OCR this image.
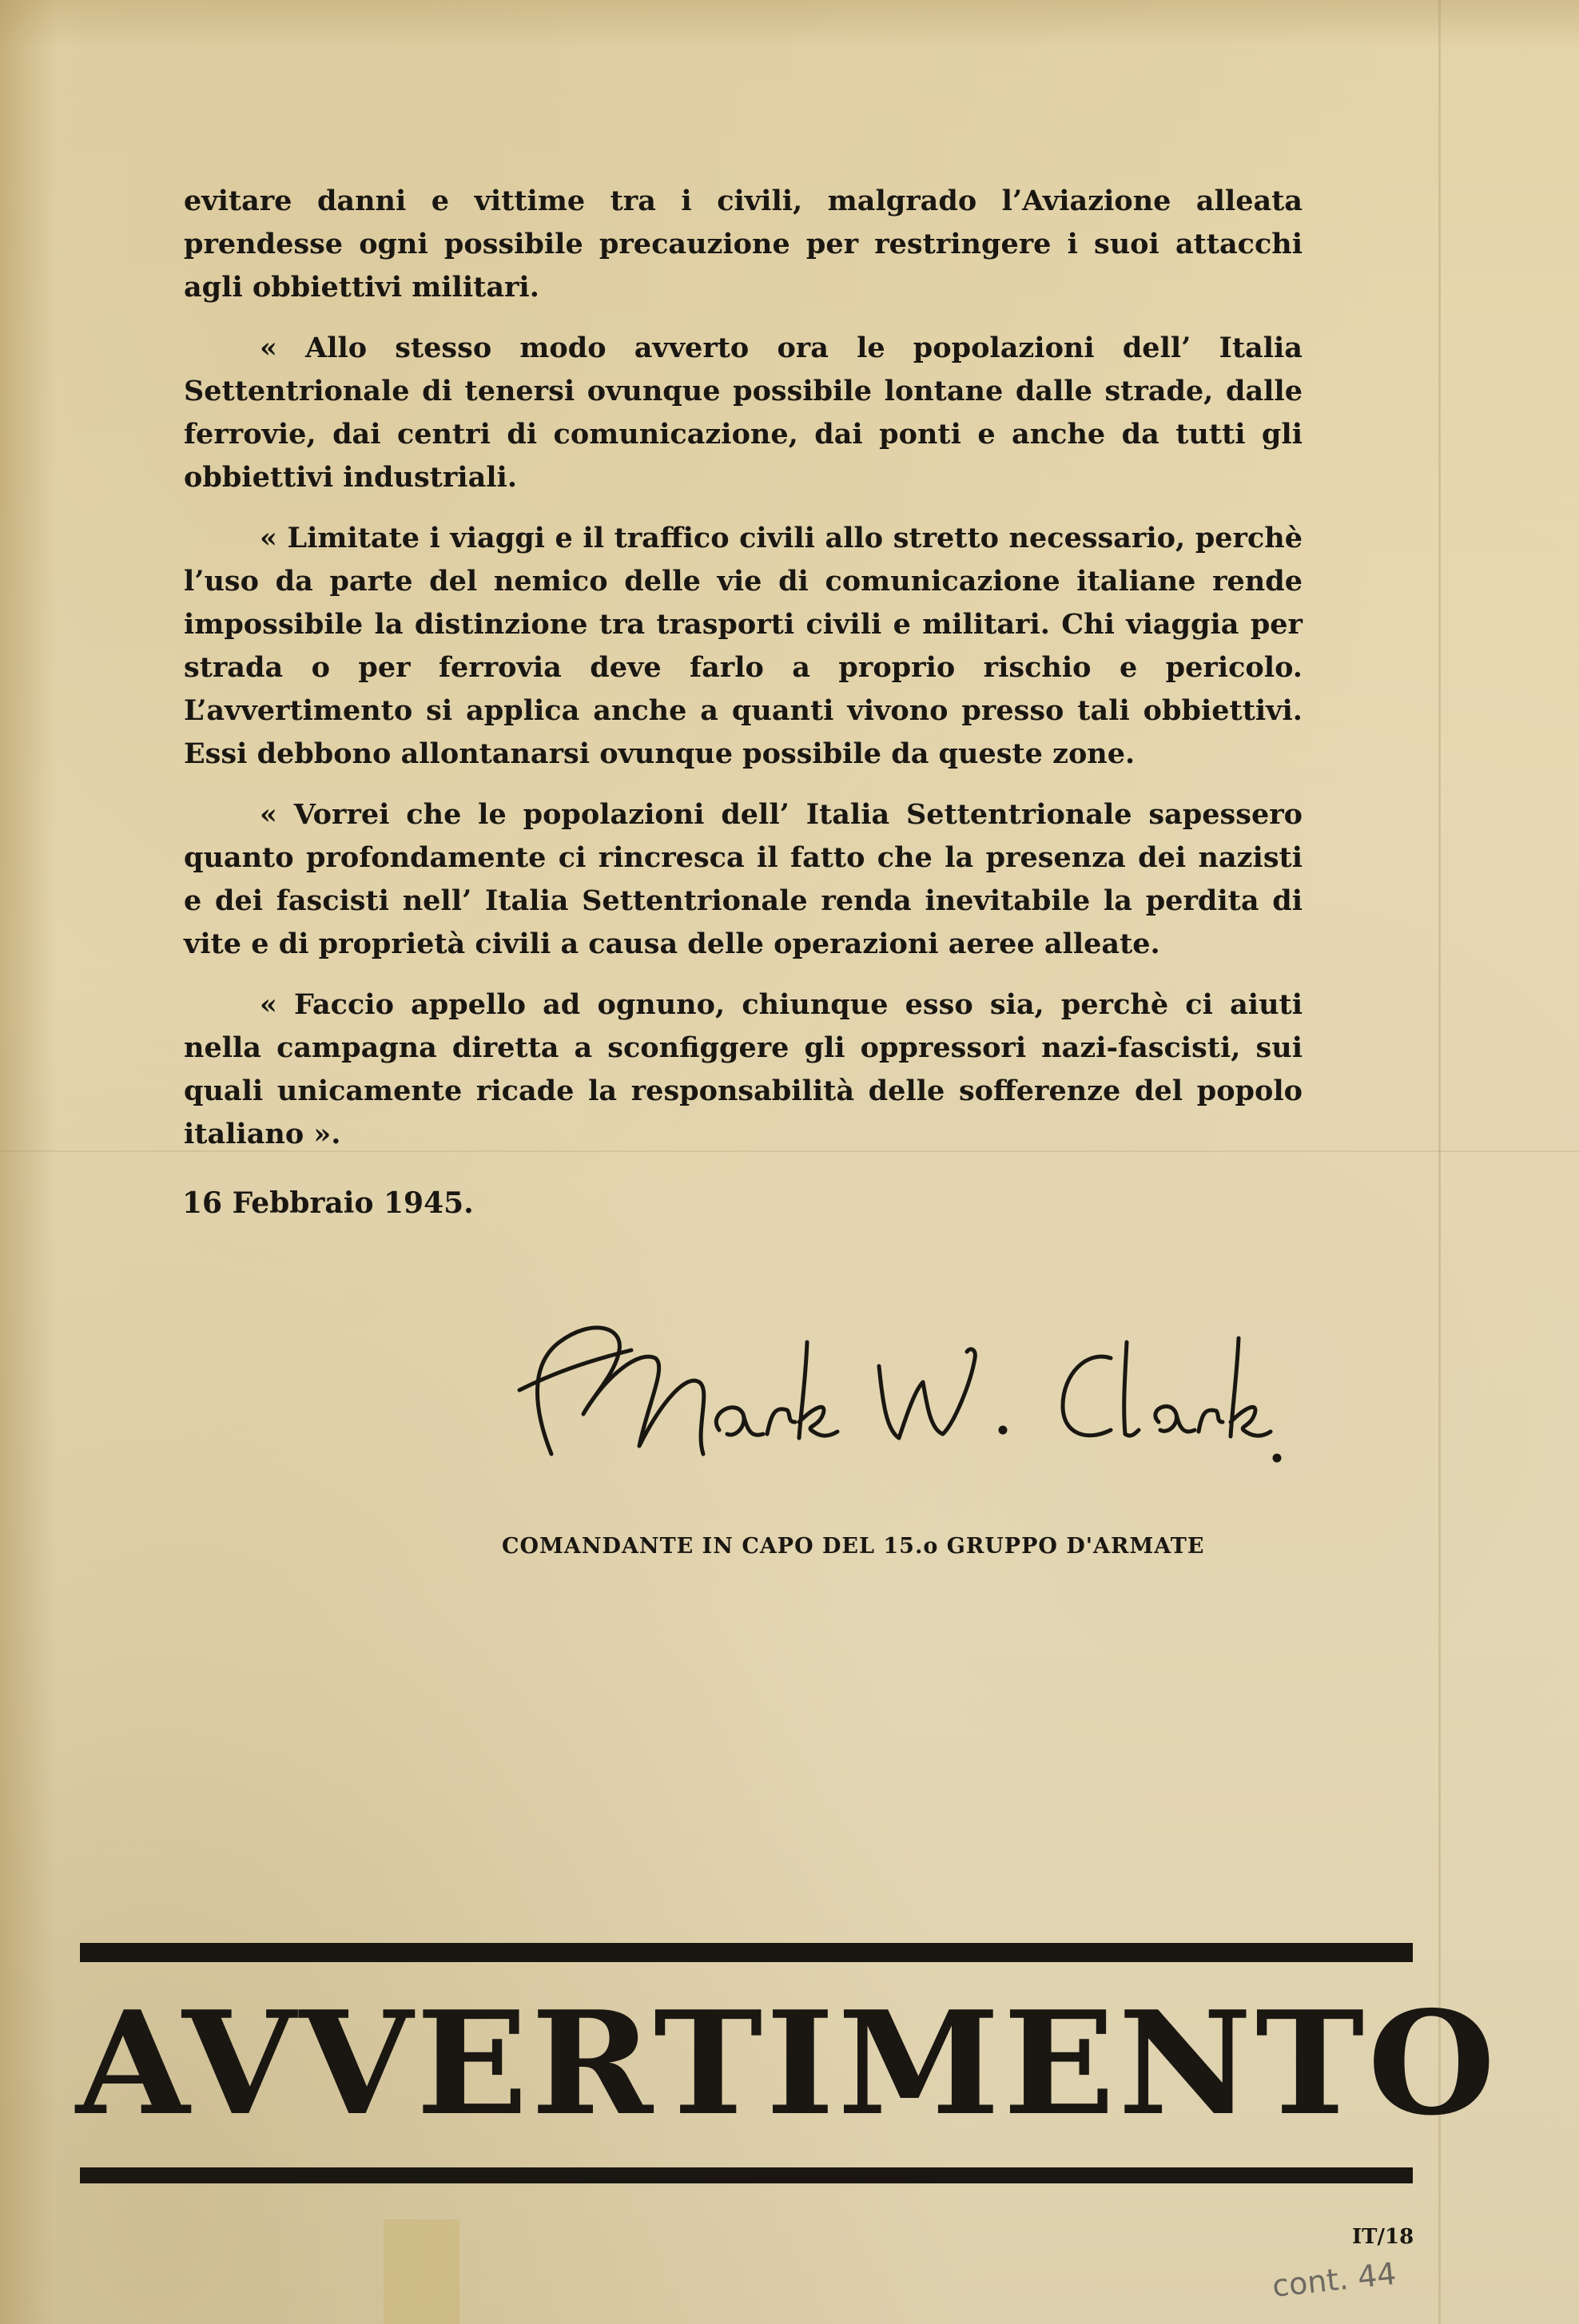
evitare danni e vittime tra i civili, malgrado l’Aviazione alleata prendesse ogni possibile precauzione per restringere i suoi attacchi agli obbiettivi militari.

« Allo stesso modo avverto ora le popolazioni dell’ Italia Settentrionale di tenersi ovunque possibile lontane dalle strade, dalle ferrovie, dai centri di comunicazione, dai ponti e anche da tutti gli obbiettivi industriali.

« Limitate i viaggi e il traffico civili allo stretto necessario, perchè l’uso da parte del nemico delle vie di comunicazione italiane rende impossibile la distinzione tra trasporti civili e militari. Chi viaggia per strada o per ferrovia deve farlo a proprio rischio e pericolo. L’avvertimento si applica anche a quanti vivono presso tali obbiettivi. Essi debbono allontanarsi ovunque possibile da queste zone.

« Vorrei che le popolazioni dell’ Italia Settentrionale sapessero quanto profondamente ci rincresca il fatto che la presenza dei nazisti e dei fascisti nell’ Italia Settentrionale renda inevitabile la perdita di vite e di proprietà civili a causa delle operazioni aeree alleate.

« Faccio appello ad ognuno, chiunque esso sia, perchè ci aiuti nella campagna diretta a sconfiggere gli oppressori nazi-fascisti, sui quali unicamente ricade la responsabilità delle sofferenze del popolo italiano ».

16 Febbraio 1945.
COMANDANTE IN CAPO DEL 15.o GRUPPO D'ARMATE
AVVERTIMENTO
IT/18
cont. 44
